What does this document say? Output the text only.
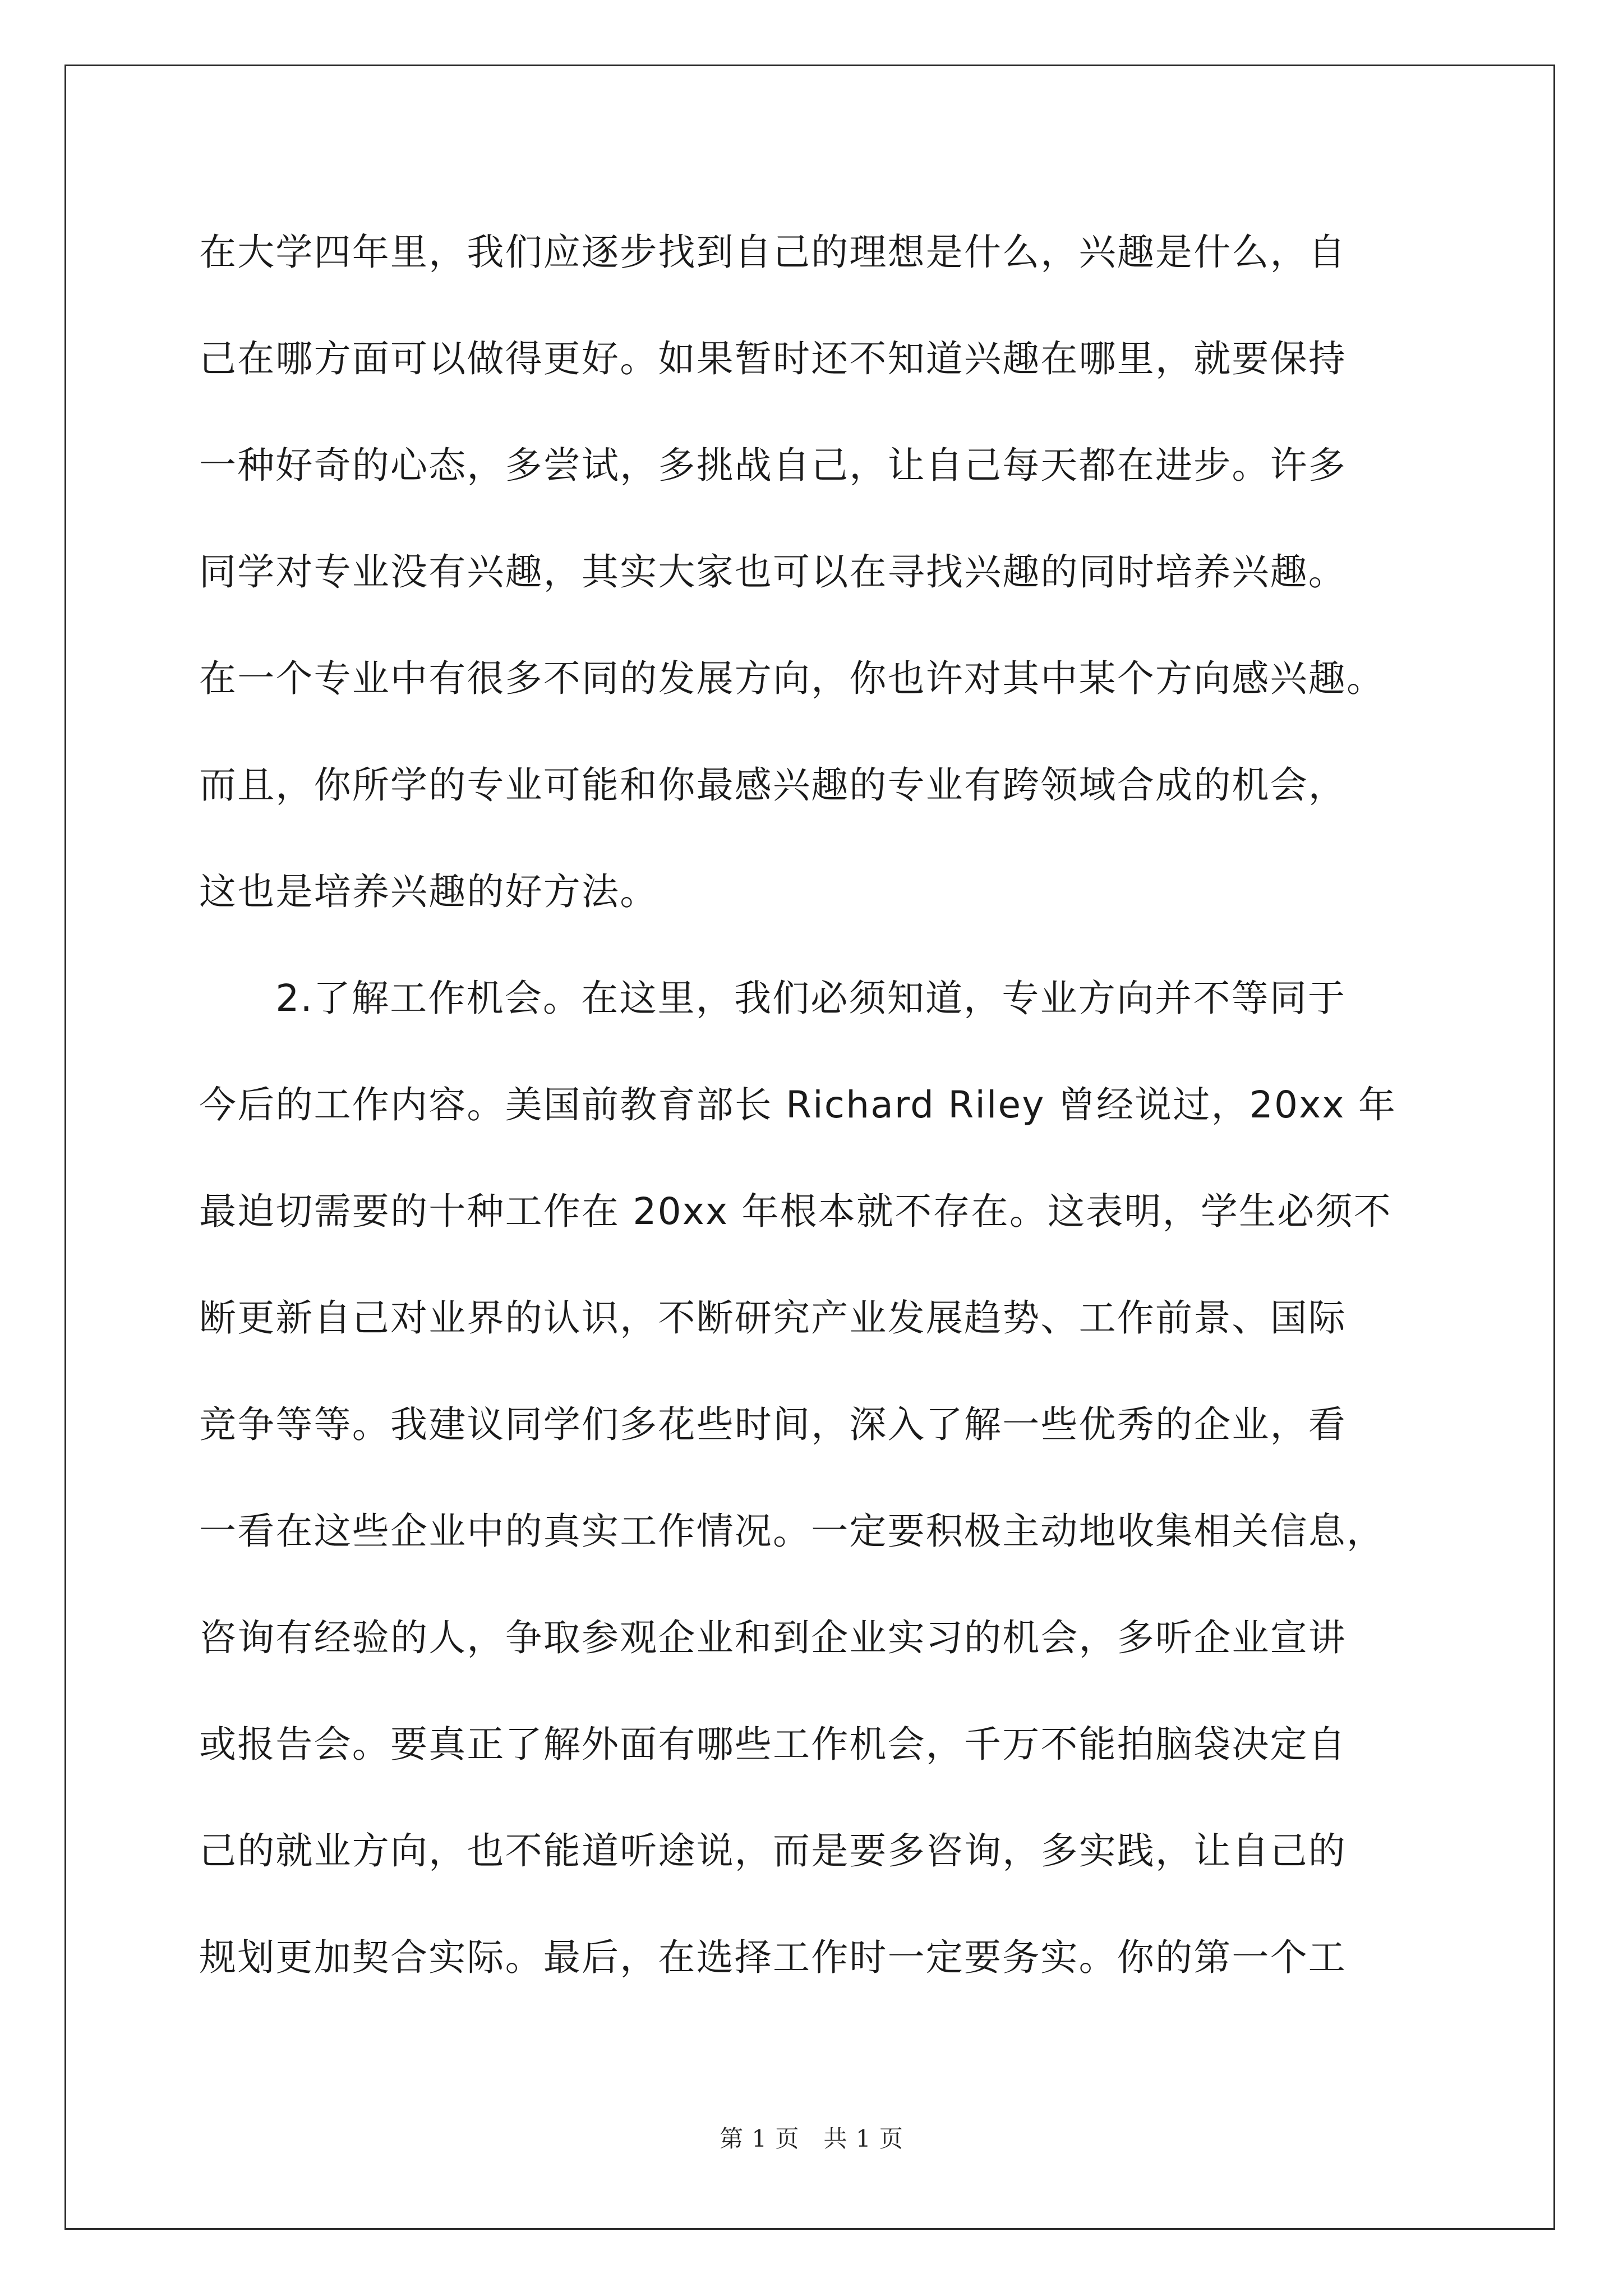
在大学四年里，我们应逐步找到自己的理想是什么，兴趣是什么，自
己在哪方面可以做得更好。如果暂时还不知道兴趣在哪里，就要保持
一种好奇的心态，多尝试，多挑战自己，让自己每天都在进步。许多
同学对专业没有兴趣，其实大家也可以在寻找兴趣的同时培养兴趣。
在一个专业中有很多不同的发展方向，你也许对其中某个方向感兴趣。
而且，你所学的专业可能和你最感兴趣的专业有跨领域合成的机会，
这也是培养兴趣的好方法。
　　2.了解工作机会。在这里，我们必须知道，专业方向并不等同于
今后的工作内容。美国前教育部长 Richard Riley 曾经说过，20xx 年
最迫切需要的十种工作在 20xx 年根本就不存在。这表明，学生必须不
断更新自己对业界的认识，不断研究产业发展趋势、工作前景、国际
竞争等等。我建议同学们多花些时间，深入了解一些优秀的企业，看
一看在这些企业中的真实工作情况。一定要积极主动地收集相关信息，
咨询有经验的人，争取参观企业和到企业实习的机会，多听企业宣讲
或报告会。要真正了解外面有哪些工作机会，千万不能拍脑袋决定自
己的就业方向，也不能道听途说，而是要多咨询，多实践，让自己的
规划更加契合实际。最后，在选择工作时一定要务实。你的第一个工
第 1 页　共 1 页
